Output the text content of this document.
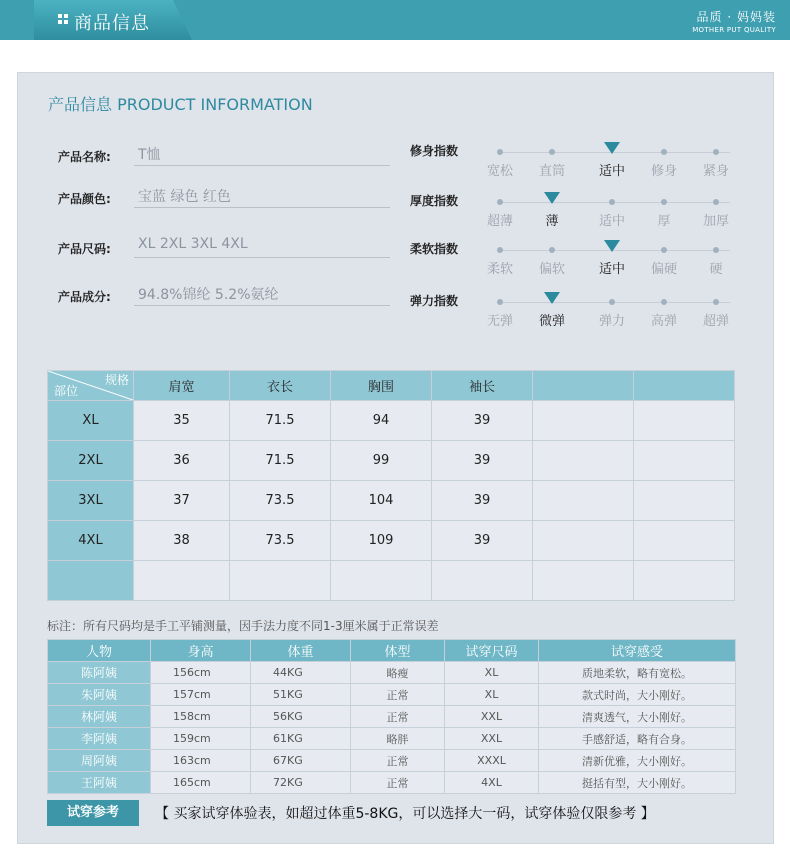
商品信息	品质 · 妈妈装
MOTHER PUT QUALITY
产品信息 PRODUCT INFORMATION
产品名称: T恤
产品颜色: 宝蓝 绿色 红色
产品尺码: XL 2XL 3XL 4XL
产品成分: 94.8%锦纶 5.2%氨纶
修身指数
宽松	直筒	适中	修身	紧身
厚度指数
超薄	薄	适中	厚	加厚
柔软指数
柔软	偏软	适中	偏硬	硬
弹力指数
无弹	微弹	弹力	高弹	超弹
规格
部位	肩宽	衣长	胸围	袖长		
XL	35	71.5	94	39		
2XL	36	71.5	99	39		
3XL	37	73.5	104	39		
4XL	38	73.5	109	39		

标注：所有尺码均是手工平铺测量，因手法力度不同1-3厘米属于正常误差
人物	身高	体重	体型	试穿尺码	试穿感受
陈阿姨	156cm	44KG	略瘦	XL	质地柔软，略有宽松。
朱阿姨	157cm	51KG	正常	XL	款式时尚，大小刚好。
林阿姨	158cm	56KG	正常	XXL	清爽透气，大小刚好。
李阿姨	159cm	61KG	略胖	XXL	手感舒适，略有合身。
周阿姨	163cm	67KG	正常	XXXL	清新优雅，大小刚好。
王阿姨	165cm	72KG	正常	4XL	挺括有型，大小刚好。
试穿参考	【 买家试穿体验表，如超过体重5-8KG，可以选择大一码，试穿体验仅限参考 】
